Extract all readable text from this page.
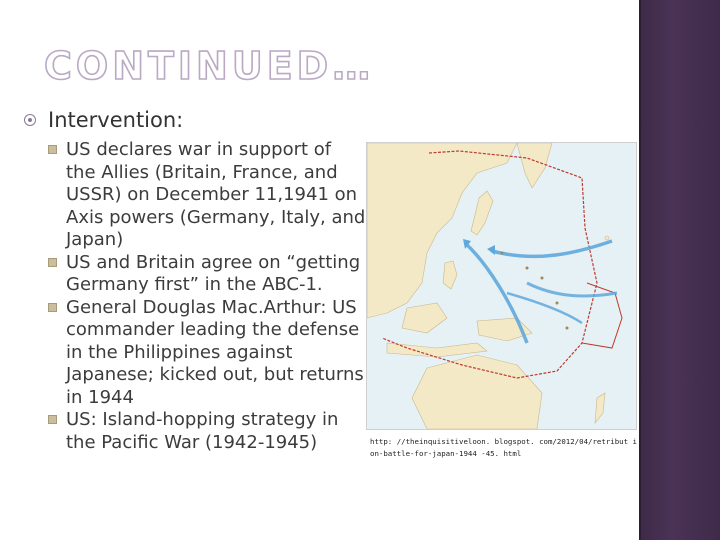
CONTINUED…
Intervention:
US declares war in support of the Allies (Britain, France, and USSR) on December 11,1941 on Axis powers (Germany, Italy, and Japan)
US and Britain agree on “getting Germany first” in the ABC-1.
General Douglas Mac.Arthur: US commander leading the defense in the Philippines against Japanese; kicked out, but returns in 1944
US: Island-hopping strategy in the Pacific War (1942-1945)	http: //theinquisitiveloon. blogspot. com/2012/04/retribut ion-battle-for-japan-1944 -45. html
